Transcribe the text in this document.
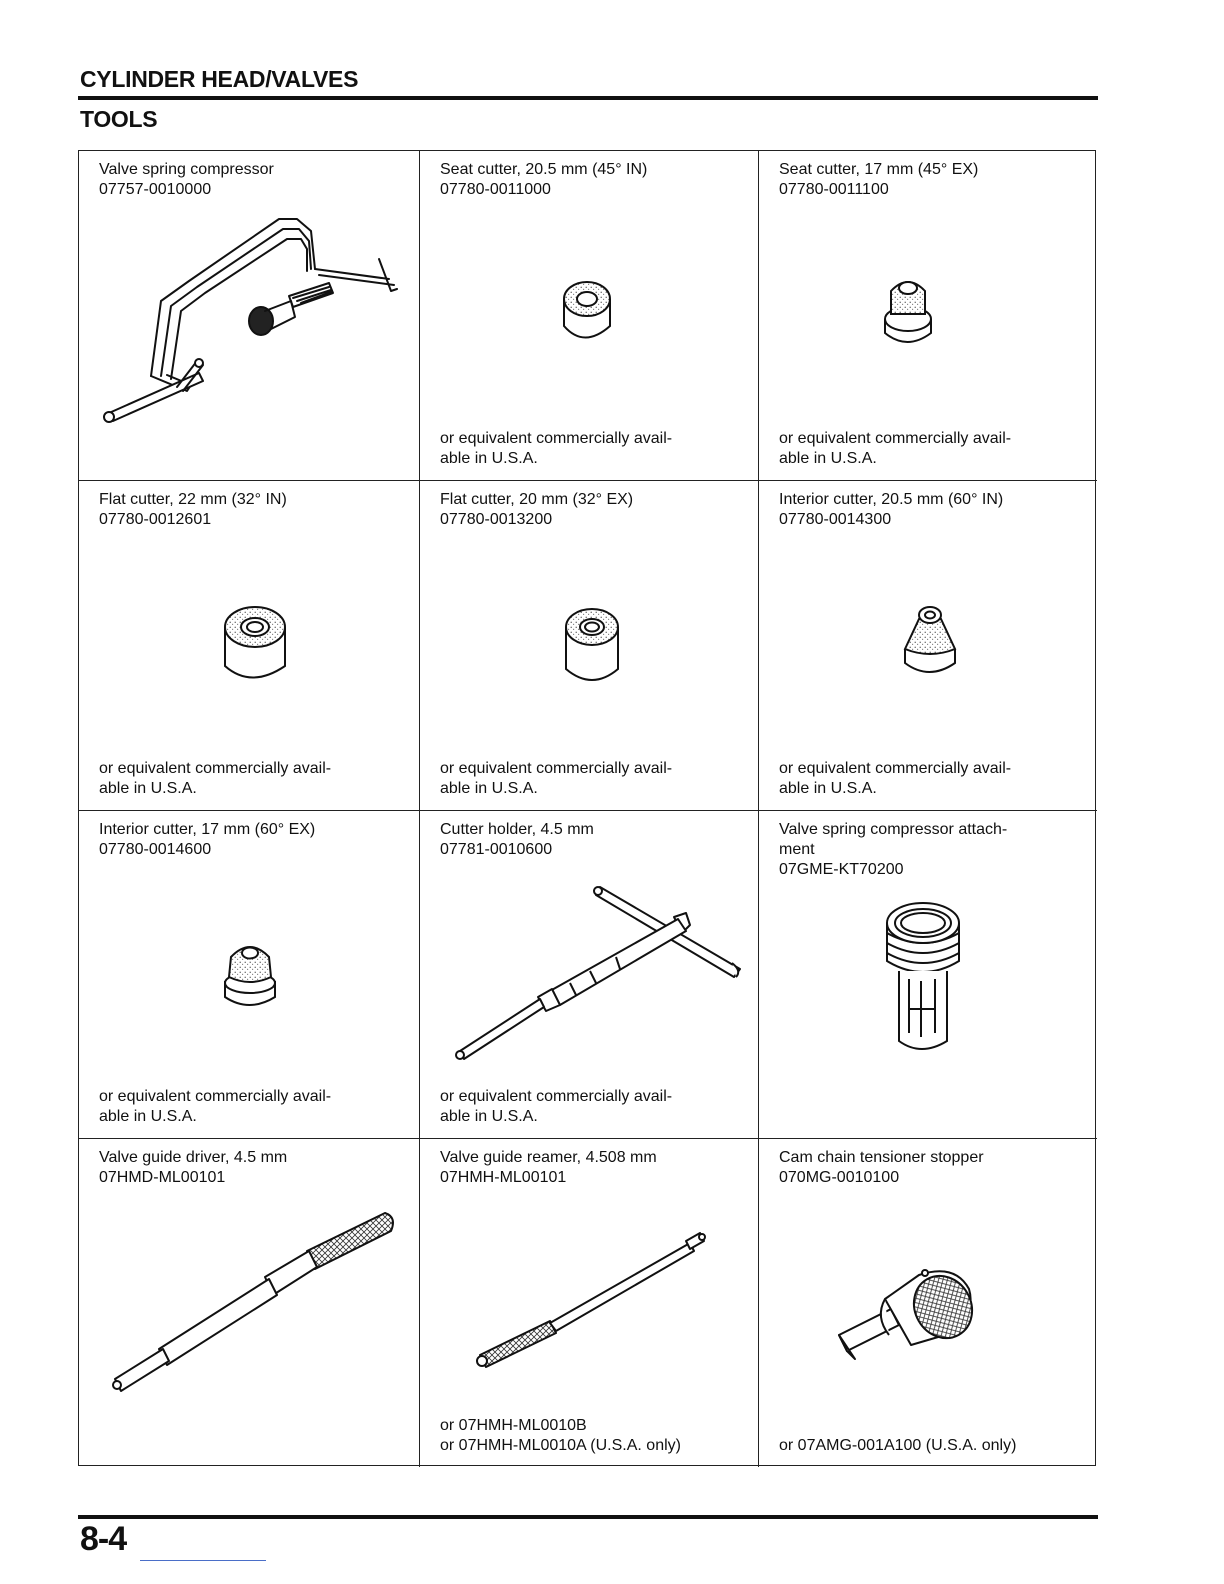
CYLINDER HEAD/VALVES
TOOLS
Valve spring compressor
07757-0010000
Seat cutter, 20.5 mm (45° IN)
07780-0011000
or equivalent commercially avail-
able in U.S.A.
Seat cutter, 17 mm (45° EX)
07780-0011100
or equivalent commercially avail-
able in U.S.A.
Flat cutter, 22 mm (32° IN)
07780-0012601
or equivalent commercially avail-
able in U.S.A.
Flat cutter, 20 mm (32° EX)
07780-0013200
or equivalent commercially avail-
able in U.S.A.
Interior cutter, 20.5 mm (60° IN)
07780-0014300
or equivalent commercially avail-
able in U.S.A.
Interior cutter, 17 mm (60° EX)
07780-0014600
or equivalent commercially avail-
able in U.S.A.
Cutter holder, 4.5 mm
07781-0010600
or equivalent commercially avail-
able in U.S.A.
Valve spring compressor attach-
ment
07GME-KT70200
Valve guide driver, 4.5 mm
07HMD-ML00101
Valve guide reamer, 4.508 mm
07HMH-ML00101
or 07HMH-ML0010B
or 07HMH-ML0010A (U.S.A. only)
Cam chain tensioner stopper
070MG-0010100
or 07AMG-001A100 (U.S.A. only)
8-4
